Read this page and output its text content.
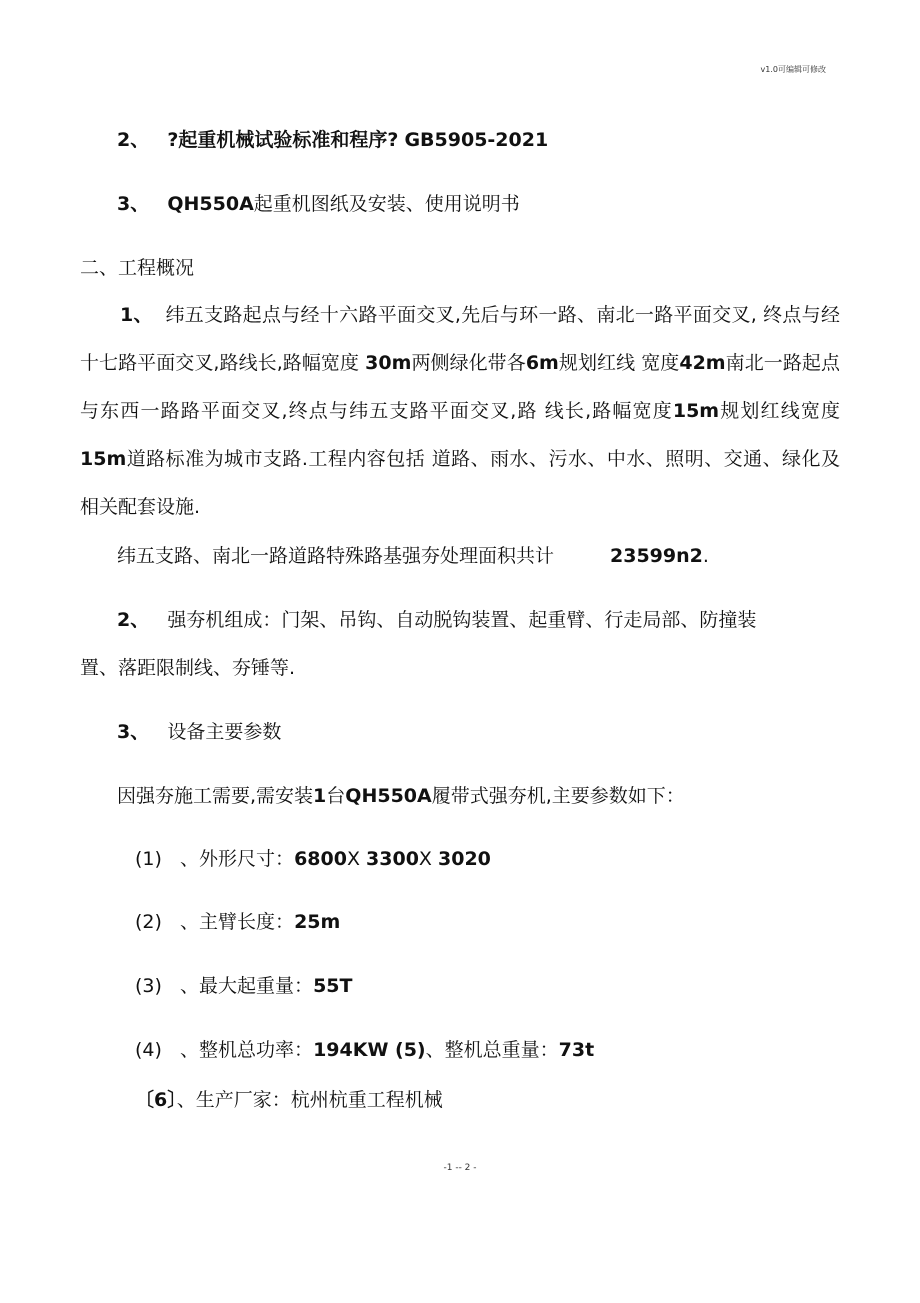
v1.0可编辑可修改

2、 ?起重机械试验标准和程序? GB5905-2021

3、 QH550A起重机图纸及安装、使用说明书

二、工程概况

1、 纬五支路起点与经十六路平面交叉,先后与环一路、南北一路平面交叉, 终点与经十七路平面交叉,路线长,路幅宽度 30m两侧绿化带各6m规划红线 宽度42m南北一路起点与东西一路路平面交叉,终点与纬五支路平面交叉,路 线长,路幅宽度15m规划红线宽度15m道路标准为城市支路.工程内容包括 道路、雨水、污水、中水、照明、交通、绿化及相关配套设施.

纬五支路、南北一路道路特殊路基强夯处理面积共计	23599n2.

2、 强夯机组成：门架、吊钩、自动脱钩装置、起重臂、行走局部、防撞装

置、落距限制线、夯锤等.

3、 设备主要参数

因强夯施工需要,需安装1台QH550A履带式强夯机,主要参数如下：

(1) 、外形尺寸：6800X 3300X 3020

(2) 、主臂长度：25m

(3) 、最大起重量：55T

(4) 、整机总功率：194KW (5)、整机总重量：73t

〔6〕、生产厂家：杭州杭重工程机械

-1 -- 2 -
